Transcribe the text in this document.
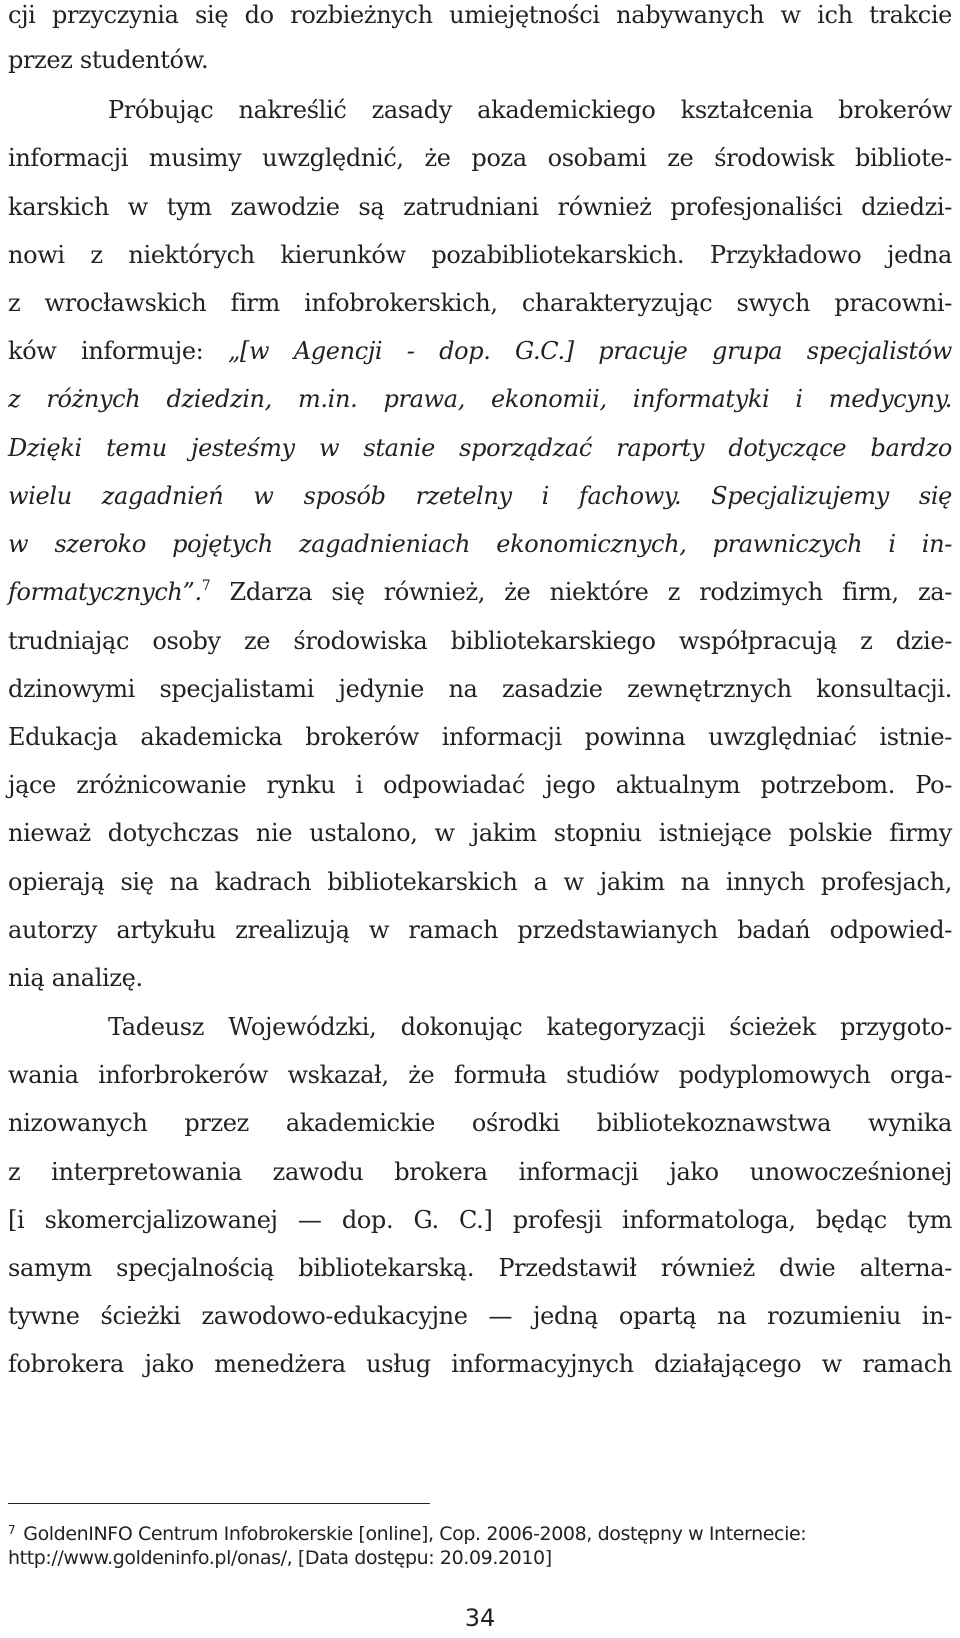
cji przyczynia się do rozbieżnych umiejętności nabywanych w ich trakcie
przez studentów.
Próbując nakreślić zasady akademickiego kształcenia brokerów
informacji musimy uwzględnić, że poza osobami ze środowisk bibliote-
karskich w tym zawodzie są zatrudniani również profesjonaliści dziedzi-
nowi z niektórych kierunków pozabibliotekarskich. Przykładowo jedna
z wrocławskich firm infobrokerskich, charakteryzując swych pracowni-
ków informuje: „[w Agencji - dop. G.C.] pracuje grupa specjalistów
z różnych dziedzin, m.in. prawa, ekonomii, informatyki i medycyny.
Dzięki temu jesteśmy w stanie sporządzać raporty dotyczące bardzo
wielu zagadnień w sposób rzetelny i fachowy. Specjalizujemy się
w szeroko pojętych zagadnieniach ekonomicznych, prawniczych i in-
formatycznych”.$^7$ Zdarza się również, że niektóre z rodzimych firm, za-
trudniając osoby ze środowiska bibliotekarskiego współpracują z dzie-
dzinowymi specjalistami jedynie na zasadzie zewnętrznych konsultacji.
Edukacja akademicka brokerów informacji powinna uwzględniać istnie-
jące zróżnicowanie rynku i odpowiadać jego aktualnym potrzebom. Po-
nieważ dotychczas nie ustalono, w jakim stopniu istniejące polskie firmy
opierają się na kadrach bibliotekarskich a w jakim na innych profesjach,
autorzy artykułu zrealizują w ramach przedstawianych badań odpowied-
nią analizę.
Tadeusz Wojewódzki, dokonując kategoryzacji ścieżek przygoto-
wania inforbrokerów wskazał, że formuła studiów podyplomowych orga-
nizowanych przez akademickie ośrodki bibliotekoznawstwa wynika
z interpretowania zawodu brokera informacji jako unowocześnionej
[i skomercjalizowanej — dop. G. C.] profesji informatologa, będąc tym
samym specjalnością bibliotekarską. Przedstawił również dwie alterna-
tywne ścieżki zawodowo-edukacyjne — jedną opartą na rozumieniu in-
fobrokera jako menedżera usług informacyjnych działającego w ramach
$^7$ GoldenINFO Centrum Infobrokerskie [online], Cop. 2006-2008, dostępny w Internecie:
http://www.goldeninfo.pl/onas/, [Data dostępu: 20.09.2010]
34
